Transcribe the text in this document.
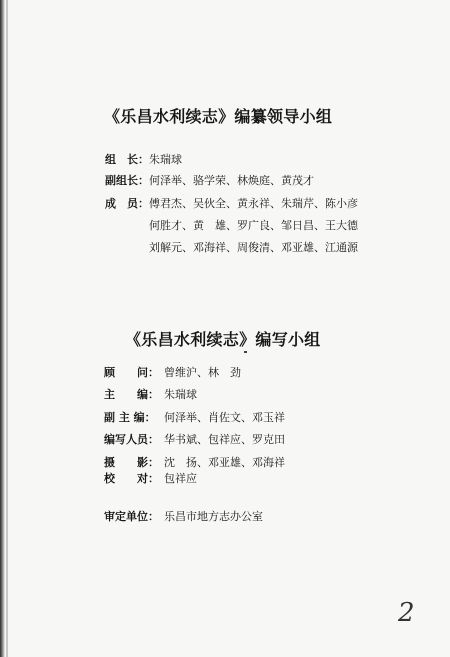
《乐昌水利续志》编纂领导小组
组　长：朱瑞球
副组长：何泽举、骆学荣、林焕庭、黄茂才
成　员：傅君杰、吴伙全、黄永祥、朱瑞芹、陈小彦
何胜才、黄　雄、罗广良、邹日昌、王大德
刘解元、邓海祥、周俊清、邓亚雄、江通源
《乐昌水利续志》编写小组
顾　　问： 曾维沪、林　劲
主　　编： 朱瑞球
副 主 编： 何泽举、肖佐文、邓玉祥
编写人员： 华书斌、包祥应、罗克田
摄　　影： 沈　扬、邓亚雄、邓海祥
校　　对： 包祥应
审定单位： 乐昌市地方志办公室
2
